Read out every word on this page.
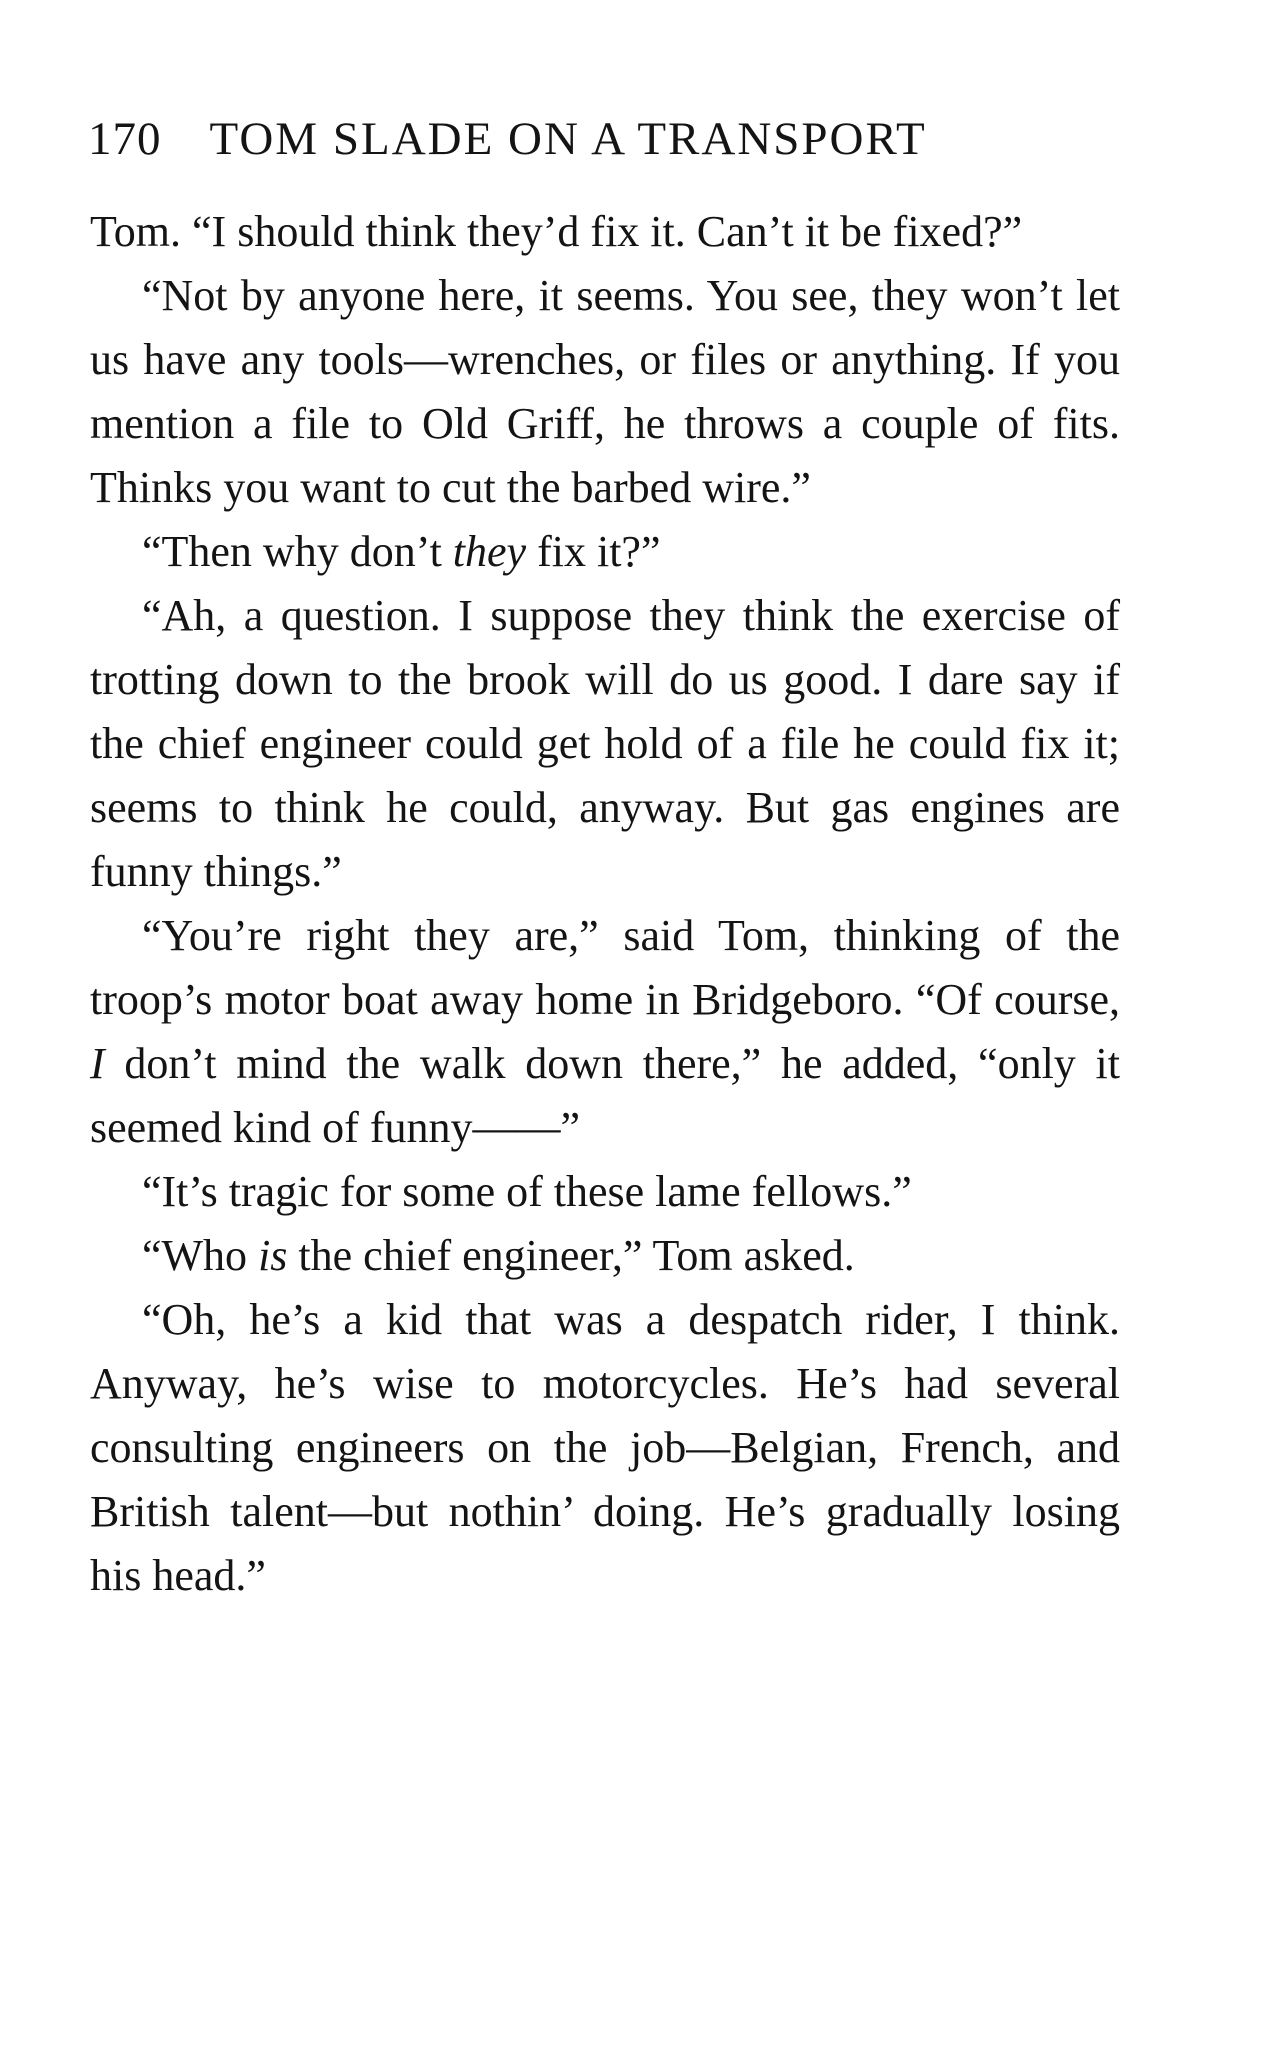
170 TOM SLADE ON A TRANSPORT

Tom. “I should think they’d fix it. Can’t it be fixed?”

“Not by anyone here, it seems. You see, they won’t let us have any tools—wrenches, or files or anything. If you mention a file to Old Griff, he throws a couple of fits. Thinks you want to cut the barbed wire.”

“Then why don’t they fix it?”

“Ah, a question. I suppose they think the exercise of trotting down to the brook will do us good. I dare say if the chief engineer could get hold of a file he could fix it; seems to think he could, anyway. But gas engines are funny things.”

“You’re right they are,” said Tom, thinking of the troop’s motor boat away home in Bridgeboro. “Of course, I don’t mind the walk down there,” he added, “only it seemed kind of funny——”

“It’s tragic for some of these lame fellows.”

“Who is the chief engineer,” Tom asked.

“Oh, he’s a kid that was a despatch rider, I think. Anyway, he’s wise to motorcycles. He’s had several consulting engineers on the job—Belgian, French, and British talent—but nothin’ doing. He’s gradually losing his head.”
